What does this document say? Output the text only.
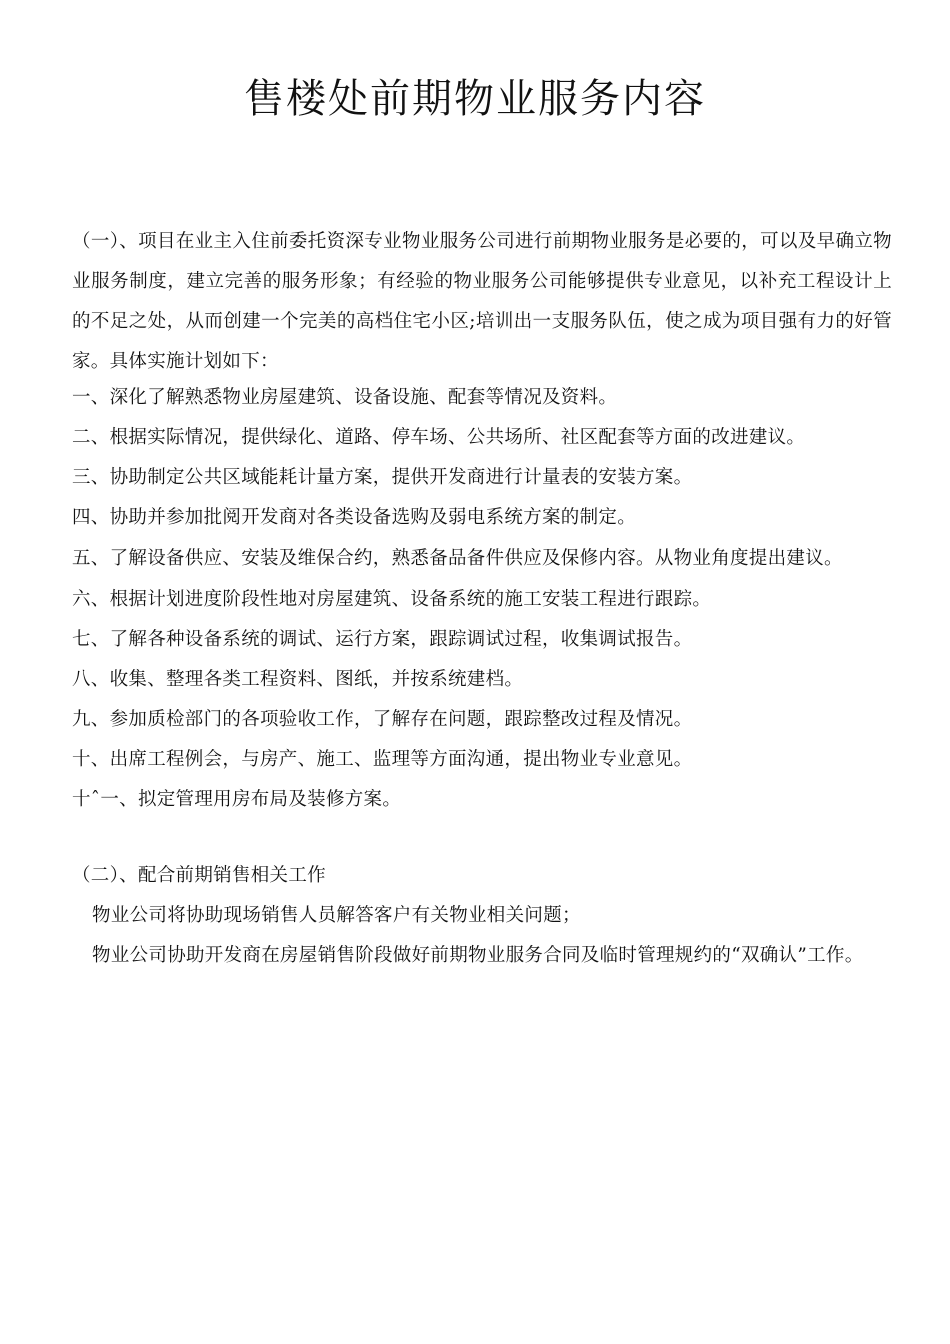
售楼处前期物业服务内容

（一）、项目在业主入住前委托资深专业物业服务公司进行前期物业服务是必要的，可以及早确立物业服务制度，建立完善的服务形象；有经验的物业服务公司能够提供专业意见，以补充工程设计上的不足之处，从而创建一个完美的高档住宅小区;培训出一支服务队伍，使之成为项目强有力的好管家。具体实施计划如下：

一、深化了解熟悉物业房屋建筑、设备设施、配套等情况及资料。
二、根据实际情况，提供绿化、道路、停车场、公共场所、社区配套等方面的改进建议。
三、协助制定公共区域能耗计量方案，提供开发商进行计量表的安装方案。
四、协助并参加批阅开发商对各类设备选购及弱电系统方案的制定。
五、了解设备供应、安装及维保合约，熟悉备品备件供应及保修内容。从物业角度提出建议。
六、根据计划进度阶段性地对房屋建筑、设备系统的施工安装工程进行跟踪。
七、了解各种设备系统的调试、运行方案，跟踪调试过程，收集调试报告。
八、收集、整理各类工程资料、图纸，并按系统建档。
九、参加质检部门的各项验收工作，了解存在问题，跟踪整改过程及情况。
十、出席工程例会，与房产、施工、监理等方面沟通，提出物业专业意见。
十ˆ一、拟定管理用房布局及装修方案。

（二）、配合前期销售相关工作

物业公司将协助现场销售人员解答客户有关物业相关问题；

物业公司协助开发商在房屋销售阶段做好前期物业服务合同及临时管理规约的“双确认”工作。
